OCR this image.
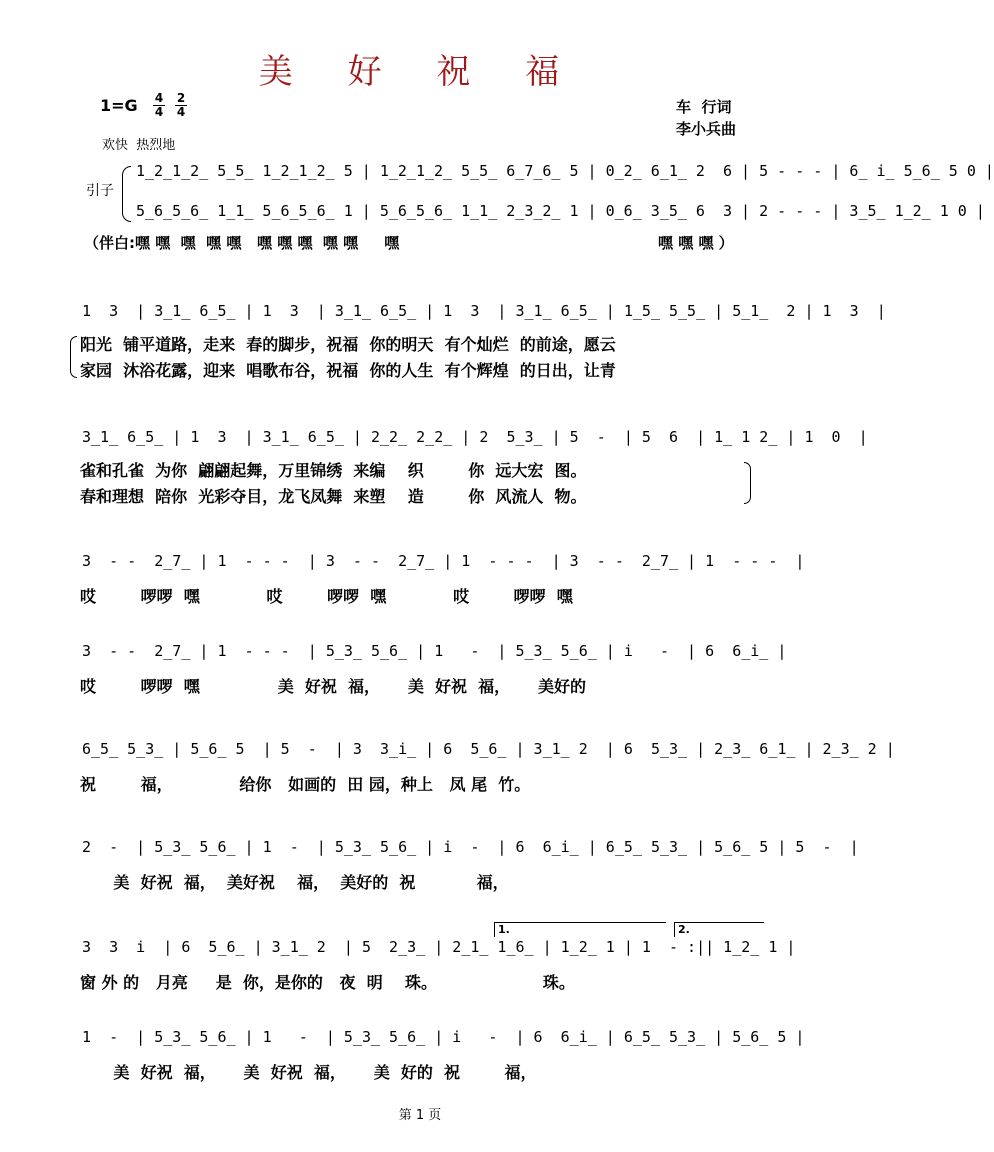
美 好 祝 福
1=G 4
4
2
4
欢快  热烈地
车  行词
李小兵曲
引子
1̲2̲1̲2̲ 5̲5̲ 1̲2̲1̲2̲ 5 | 1̲2̲1̲2̲ 5̲5̲ 6̲7̲6̲ 5 | 0̲2̲ 6̲1̲ 2  6 | 5 - - - | 6̲ i̲ 5̲6̲ 5 0 |
5̲6̲5̲6̲ 1̲1̲ 5̲6̲5̲6̲ 1 | 5̲6̲5̲6̲ 1̲1̲ 2̲3̲2̲ 1 | 0̲6̲ 3̲5̲ 6  3 | 2 - - - | 3̲5̲ 1̲2̲ 1 0 |
（伴白:嘿 嘿  嘿  嘿 嘿   嘿 嘿 嘿  嘿 嘿     嘿	嘿 嘿 嘿 ）
1  3  | 3̲1̲ 6̲5̲ | 1  3  | 3̲1̲ 6̲5̲ | 1  3  | 3̲1̲ 6̲5̲ | 1̲5̲ 5̲5̲ | 5̲1̲  2 | 1  3  |
阳光  铺平道路，走来  春的脚步，祝福  你的明天  有个灿烂  的前途，愿云
家园  沐浴花露，迎来  唱歌布谷，祝福  你的人生  有个辉煌  的日出，让青
3̲1̲ 6̲5̲ | 1  3  | 3̲1̲ 6̲5̲ | 2̲2̲ 2̲2̲ | 2  5̲3̲ | 5  -  | 5  6  | 1̲ 1 2̲ | 1  0  |
雀和孔雀  为你  翩翩起舞，万里锦绣  来编    织        你  远大宏  图。
春和理想  陪你  光彩夺目，龙飞凤舞  来塑    造        你  风流人  物。
3  - -  2̲7̲ | 1  - - -  | 3  - -  2̲7̲ | 1  - - -  | 3  - -  2̲7̲ | 1  - - -  |
哎        啰啰  嘿            哎        啰啰  嘿            哎        啰啰  嘿
3  - -  2̲7̲ | 1  - - -  | 5̲3̲ 5̲6̲ | 1   -  | 5̲3̲ 5̲6̲ | i   -  | 6  6̲i̲ |
哎        啰啰  嘿              美  好祝  福，     美  好祝  福，     美好的
6̲5̲ 5̲3̲ | 5̲6̲ 5  | 5  -  | 3  3̲i̲ | 6  5̲6̲ | 3̲1̲ 2  | 6  5̲3̲ | 2̲3̲ 6̲1̲ | 2̲3̲ 2 |
祝        福，            给你   如画的  田 园，种上   凤 尾  竹。
2  -  | 5̲3̲ 5̲6̲ | 1  -  | 5̲3̲ 5̲6̲ | i  -  | 6  6̲i̲ | 6̲5̲ 5̲3̲ | 5̲6̲ 5 | 5  -  |
美  好祝  福，  美好祝    福，  美好的  祝           福，
1.	2.
3  3  i  | 6  5̲6̲ | 3̲1̲ 2  | 5  2̲3̲ | 2̲1̲ 1̲6̲ | 1̲2̲ 1 | 1  - :|| 1̲2̲ 1 |
窗 外 的   月亮     是  你，是你的   夜  明    珠。                   珠。
1  -  | 5̲3̲ 5̲6̲ | 1   -  | 5̲3̲ 5̲6̲ | i   -  | 6  6̲i̲ | 6̲5̲ 5̲3̲ | 5̲6̲ 5 |
美  好祝  福，     美  好祝  福，     美  好的  祝        福，
第 1 页
